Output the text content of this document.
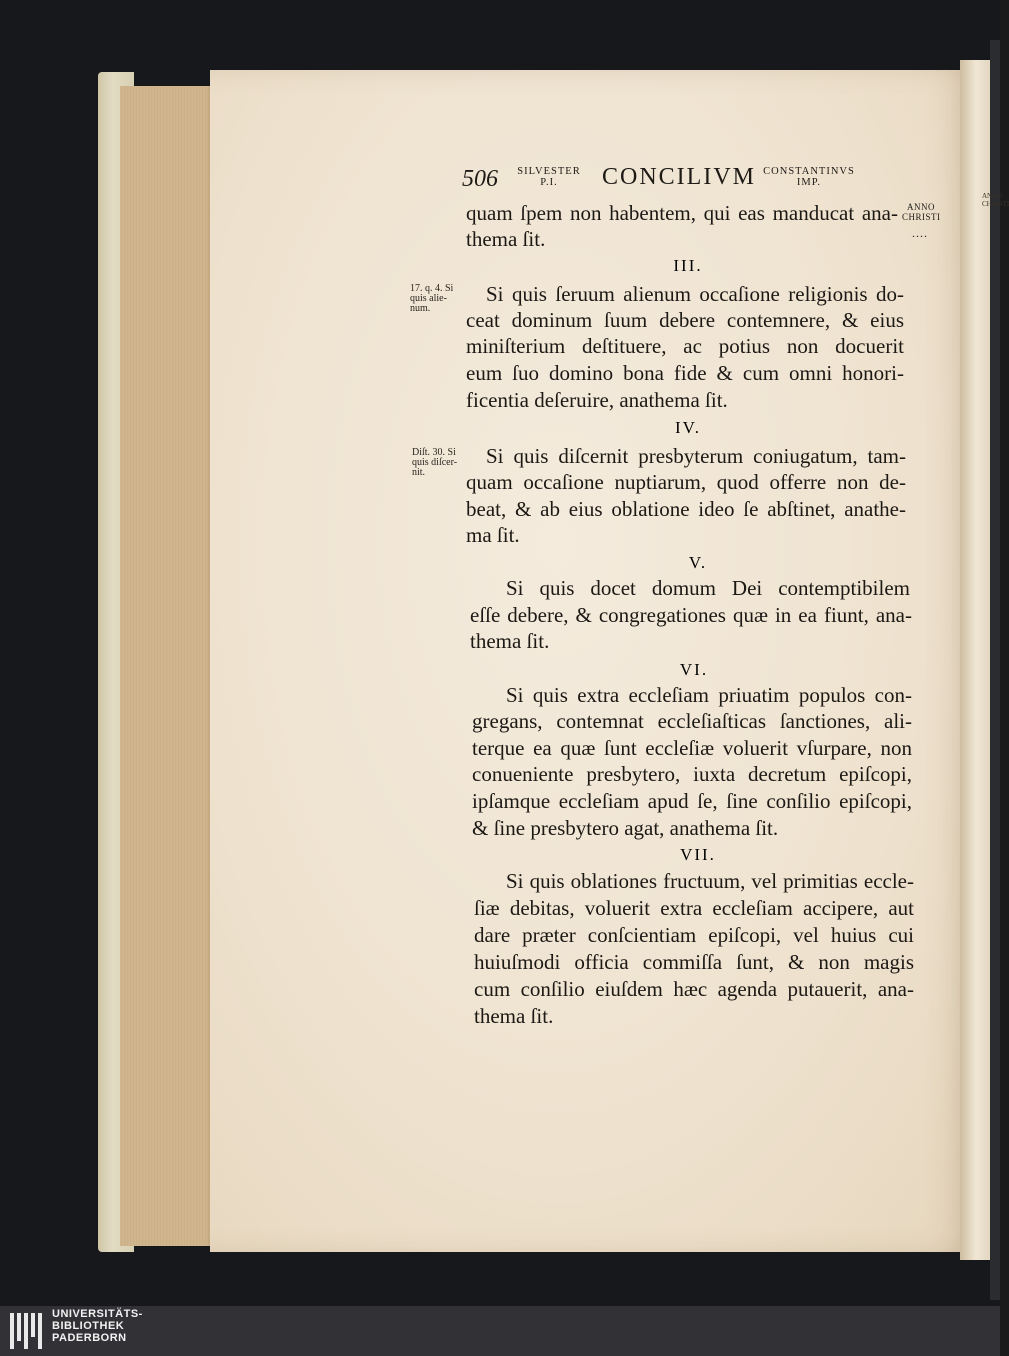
506	SILVESTER
P.I.	CONCILIVM CONSTANTINVS
IMP.
ANNO
CHRISTI
....
ANNO
CHRISTI
quam ſpem non habentem, qui eas manducat ana-
thema ſit.
III.
17. q. 4. Si
quis alie-
num.
Si quis ſeruum alienum occaſione religionis do-
ceat dominum ſuum debere contemnere, & eius
miniſterium deſtituere, ac potius non docuerit
eum ſuo domino bona fide & cum omni honori-
ficentia deſeruire, anathema ſit.
IV.
Diſt. 30. Si
quis diſcer-
nit.
Si quis diſcernit presbyterum coniugatum, tam-
quam occaſione nuptiarum, quod offerre non de-
beat, & ab eius oblatione ideo ſe abſtinet, anathe-
ma ſit.
V.
Si quis docet domum Dei contemptibilem
eſſe debere, & congregationes quæ in ea fiunt, ana-
thema ſit.
VI.
Si quis extra eccleſiam priuatim populos con-
gregans, contemnat eccleſiaſticas ſanctiones, ali-
terque ea quæ ſunt eccleſiæ voluerit vſurpare, non
conueniente presbytero, iuxta decretum epiſcopi,
ipſamque eccleſiam apud ſe, ſine conſilio epiſcopi,
& ſine presbytero agat, anathema ſit.
VII.
Si quis oblationes fructuum, vel primitias eccle-
ſiæ debitas, voluerit extra eccleſiam accipere, aut
dare præter conſcientiam epiſcopi, vel huius cui
huiuſmodi officia commiſſa ſunt, & non magis
cum conſilio eiuſdem hæc agenda putauerit, ana-
thema ſit.
UNIVERSITÄTS-
BIBLIOTHEK
PADERBORN
